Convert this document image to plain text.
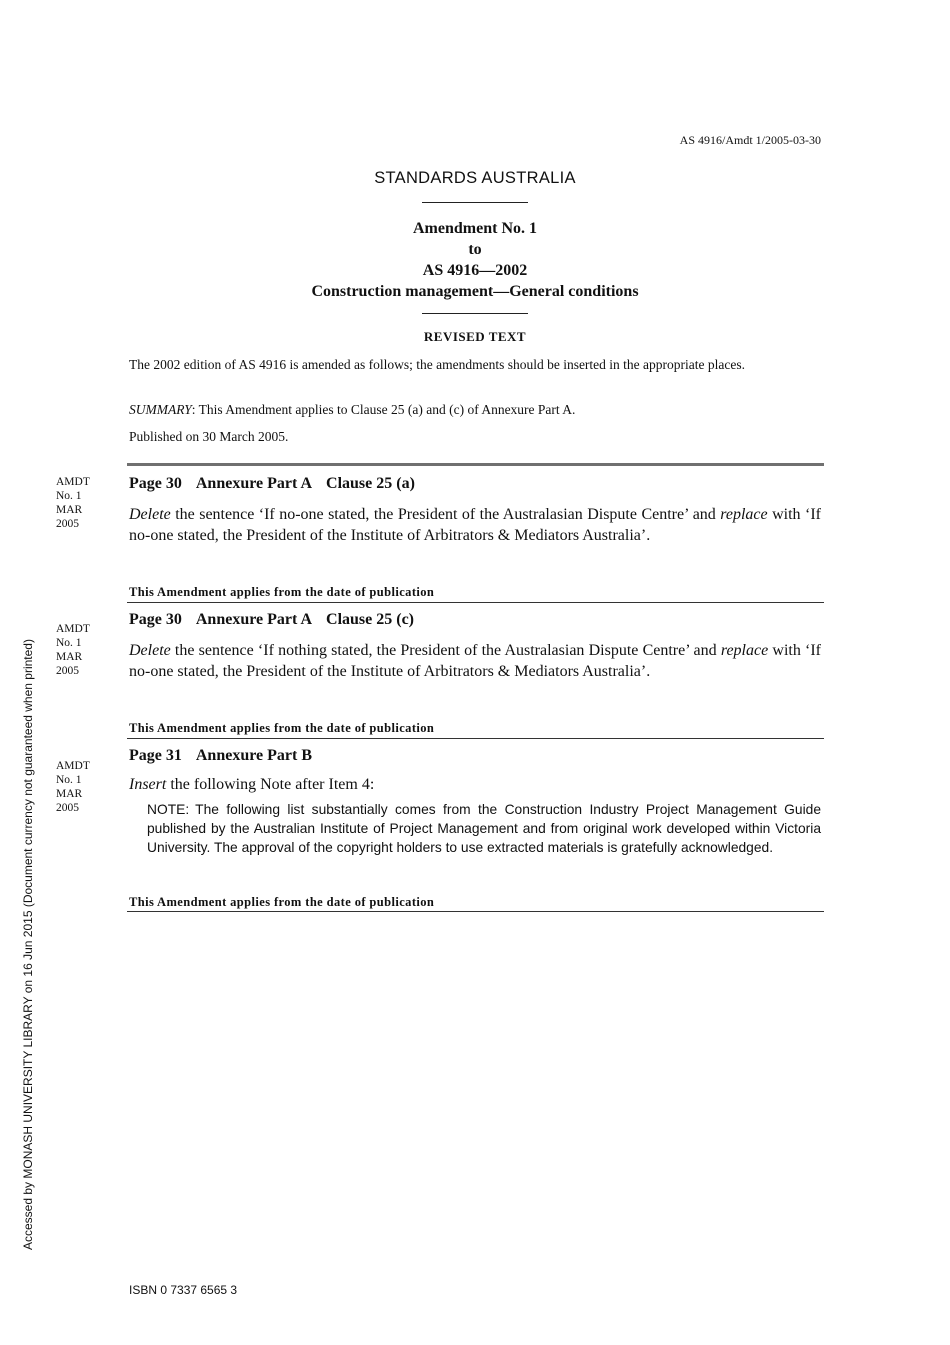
AS 4916/Amdt 1/2005-03-30
STANDARDS AUSTRALIA
Amendment No. 1
to
AS 4916—2002
Construction management—General conditions
REVISED TEXT
The 2002 edition of AS 4916 is amended as follows; the amendments should be inserted in the appropriate places.
SUMMARY: This Amendment applies to Clause 25 (a) and (c) of Annexure Part A.
Published on 30 March 2005.
AMDT
No. 1
MAR
2005
Page 30 Annexure Part A Clause 25 (a)
Delete the sentence ‘If no-one stated, the President of the Australasian Dispute Centre’ and replace with ‘If no-one stated, the President of the Institute of Arbitrators & Mediators Australia’.
This Amendment applies from the date of publication
AMDT
No. 1
MAR
2005
Page 30 Annexure Part A Clause 25 (c)
Delete the sentence ‘If nothing stated, the President of the Australasian Dispute Centre’ and replace with ‘If no-one stated, the President of the Institute of Arbitrators & Mediators Australia’.
This Amendment applies from the date of publication
AMDT
No. 1
MAR
2005
Page 31 Annexure Part B
Insert the following Note after Item 4:
NOTE: The following list substantially comes from the Construction Industry Project Management Guide published by the Australian Institute of Project Management and from original work developed within Victoria University. The approval of the copyright holders to use extracted materials is gratefully acknowledged.
This Amendment applies from the date of publication
Accessed by MONASH UNIVERSITY LIBRARY on 16 Jun 2015 (Document currency not guaranteed when printed)
ISBN 0 7337 6565 3
